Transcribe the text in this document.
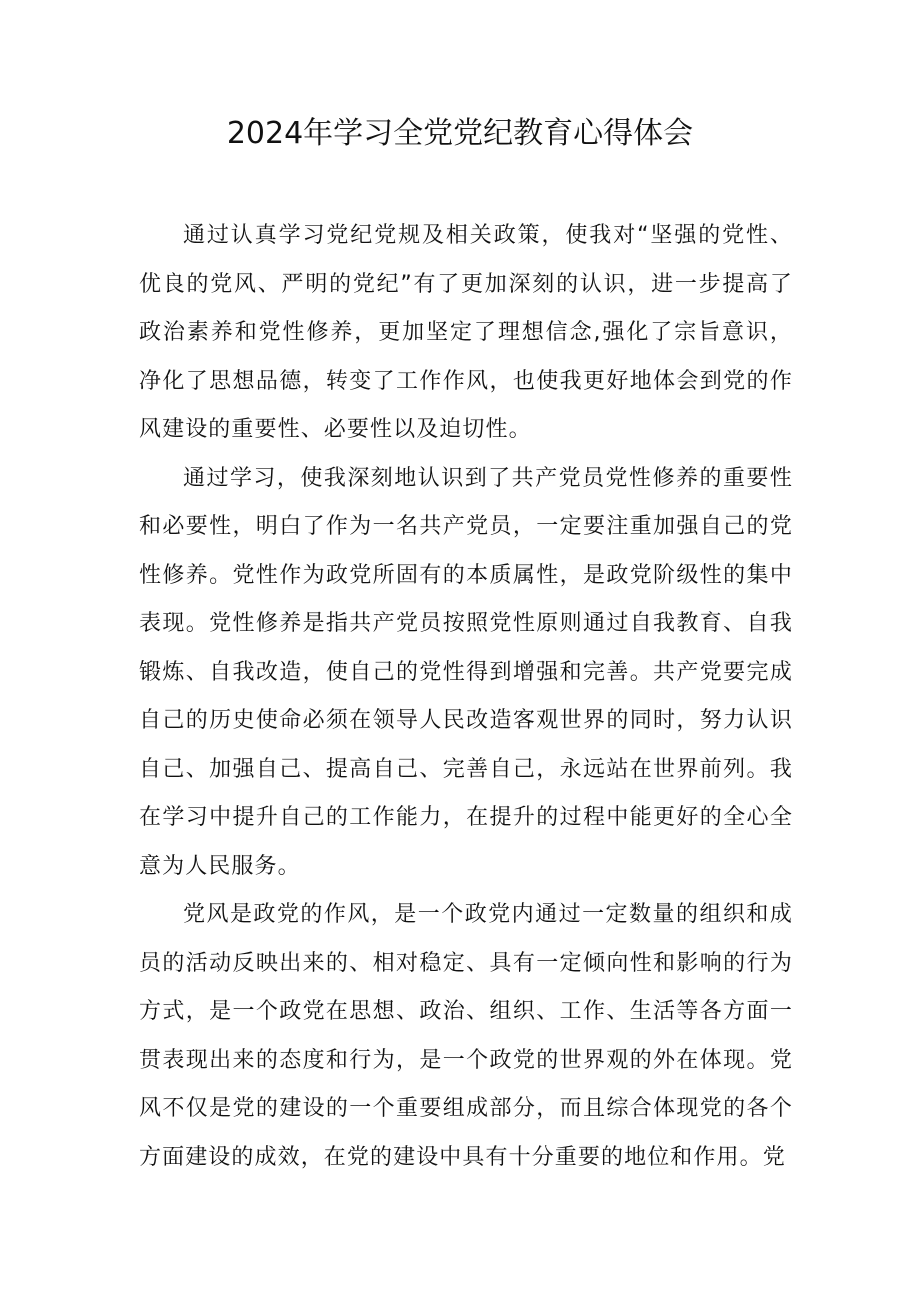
2024年学习全党党纪教育心得体会

通过认真学习党纪党规及相关政策，使我对“坚强的党性、优良的党风、严明的党纪”有了更加深刻的认识，进一步提高了政治素养和党性修养，更加坚定了理想信念,强化了宗旨意识，净化了思想品德，转变了工作作风，也使我更好地体会到党的作风建设的重要性、必要性以及迫切性。

通过学习，使我深刻地认识到了共产党员党性修养的重要性和必要性，明白了作为一名共产党员，一定要注重加强自己的党性修养。党性作为政党所固有的本质属性，是政党阶级性的集中表现。党性修养是指共产党员按照党性原则通过自我教育、自我锻炼、自我改造，使自己的党性得到增强和完善。共产党要完成自己的历史使命必须在领导人民改造客观世界的同时，努力认识自己、加强自己、提高自己、完善自己，永远站在世界前列。我在学习中提升自己的工作能力，在提升的过程中能更好的全心全意为人民服务。

党风是政党的作风，是一个政党内通过一定数量的组织和成员的活动反映出来的、相对稳定、具有一定倾向性和影响的行为方式，是一个政党在思想、政治、组织、工作、生活等各方面一贯表现出来的态度和行为，是一个政党的世界观的外在体现。党风不仅是党的建设的一个重要组成部分，而且综合体现党的各个方面建设的成效，在党的建设中具有十分重要的地位和作用。党
